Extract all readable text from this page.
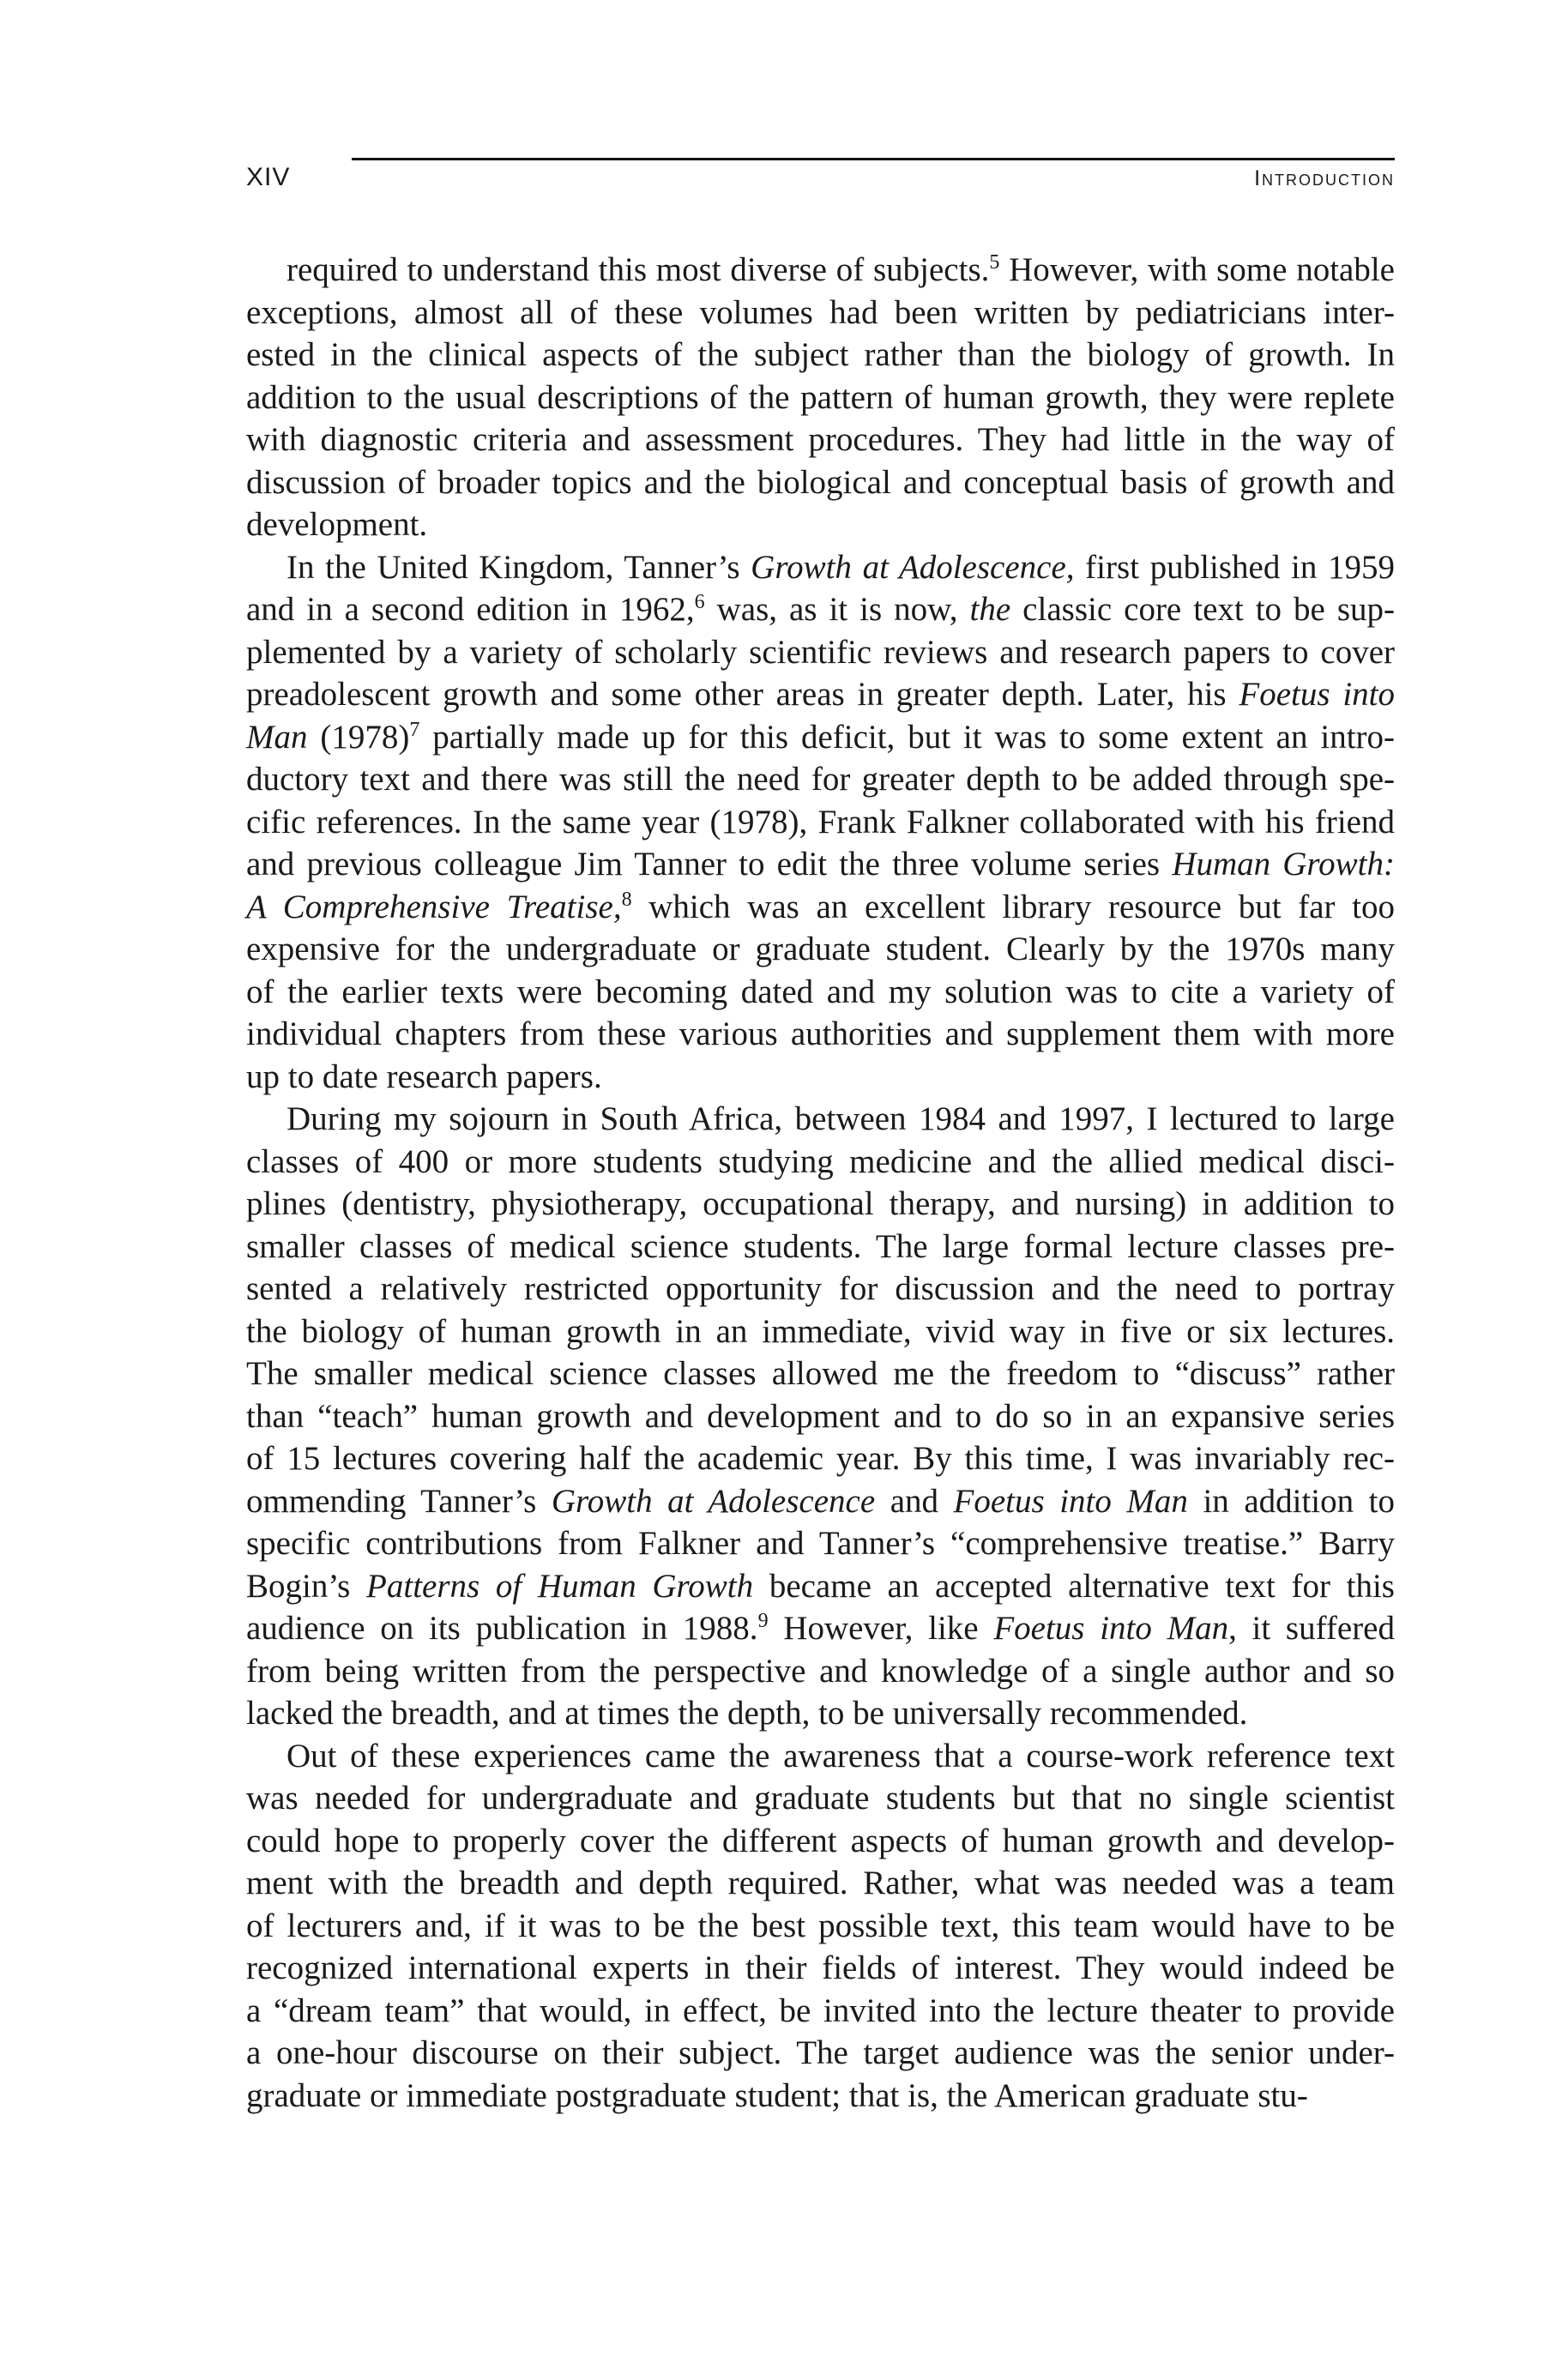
XIV	Introduction
required to understand this most diverse of subjects.$^5$ However, with some notable
exceptions, almost all of these volumes had been written by pediatricians inter-
ested in the clinical aspects of the subject rather than the biology of growth. In
addition to the usual descriptions of the pattern of human growth, they were replete
with diagnostic criteria and assessment procedures. They had little in the way of
discussion of broader topics and the biological and conceptual basis of growth and
development.
In the United Kingdom, Tanner’s Growth at Adolescence, first published in 1959
and in a second edition in 1962,$^6$ was, as it is now, the classic core text to be sup-
plemented by a variety of scholarly scientific reviews and research papers to cover
preadolescent growth and some other areas in greater depth. Later, his Foetus into
Man $(1978)^7$ partially made up for this deficit, but it was to some extent an intro-
ductory text and there was still the need for greater depth to be added through spe-
cific references. In the same year (1978), Frank Falkner collaborated with his friend
and previous colleague Jim Tanner to edit the three volume series Human Growth:
A Comprehensive Treatise,$^8$ which was an excellent library resource but far too
expensive for the undergraduate or graduate student. Clearly by the 1970s many
of the earlier texts were becoming dated and my solution was to cite a variety of
individual chapters from these various authorities and supplement them with more
up to date research papers.
During my sojourn in South Africa, between 1984 and 1997, I lectured to large
classes of 400 or more students studying medicine and the allied medical disci-
plines (dentistry, physiotherapy, occupational therapy, and nursing) in addition to
smaller classes of medical science students. The large formal lecture classes pre-
sented a relatively restricted opportunity for discussion and the need to portray
the biology of human growth in an immediate, vivid way in five or six lectures.
The smaller medical science classes allowed me the freedom to “discuss” rather
than “teach” human growth and development and to do so in an expansive series
of 15 lectures covering half the academic year. By this time, I was invariably rec-
ommending Tanner’s Growth at Adolescence and Foetus into Man in addition to
specific contributions from Falkner and Tanner’s “comprehensive treatise.” Barry
Bogin’s Patterns of Human Growth became an accepted alternative text for this
audience on its publication in 1988.$^9$ However, like Foetus into Man, it suffered
from being written from the perspective and knowledge of a single author and so
lacked the breadth, and at times the depth, to be universally recommended.
Out of these experiences came the awareness that a course-work reference text
was needed for undergraduate and graduate students but that no single scientist
could hope to properly cover the different aspects of human growth and develop-
ment with the breadth and depth required. Rather, what was needed was a team
of lecturers and, if it was to be the best possible text, this team would have to be
recognized international experts in their fields of interest. They would indeed be
a “dream team” that would, in effect, be invited into the lecture theater to provide
a one-hour discourse on their subject. The target audience was the senior under-
graduate or immediate postgraduate student; that is, the American graduate stu-
